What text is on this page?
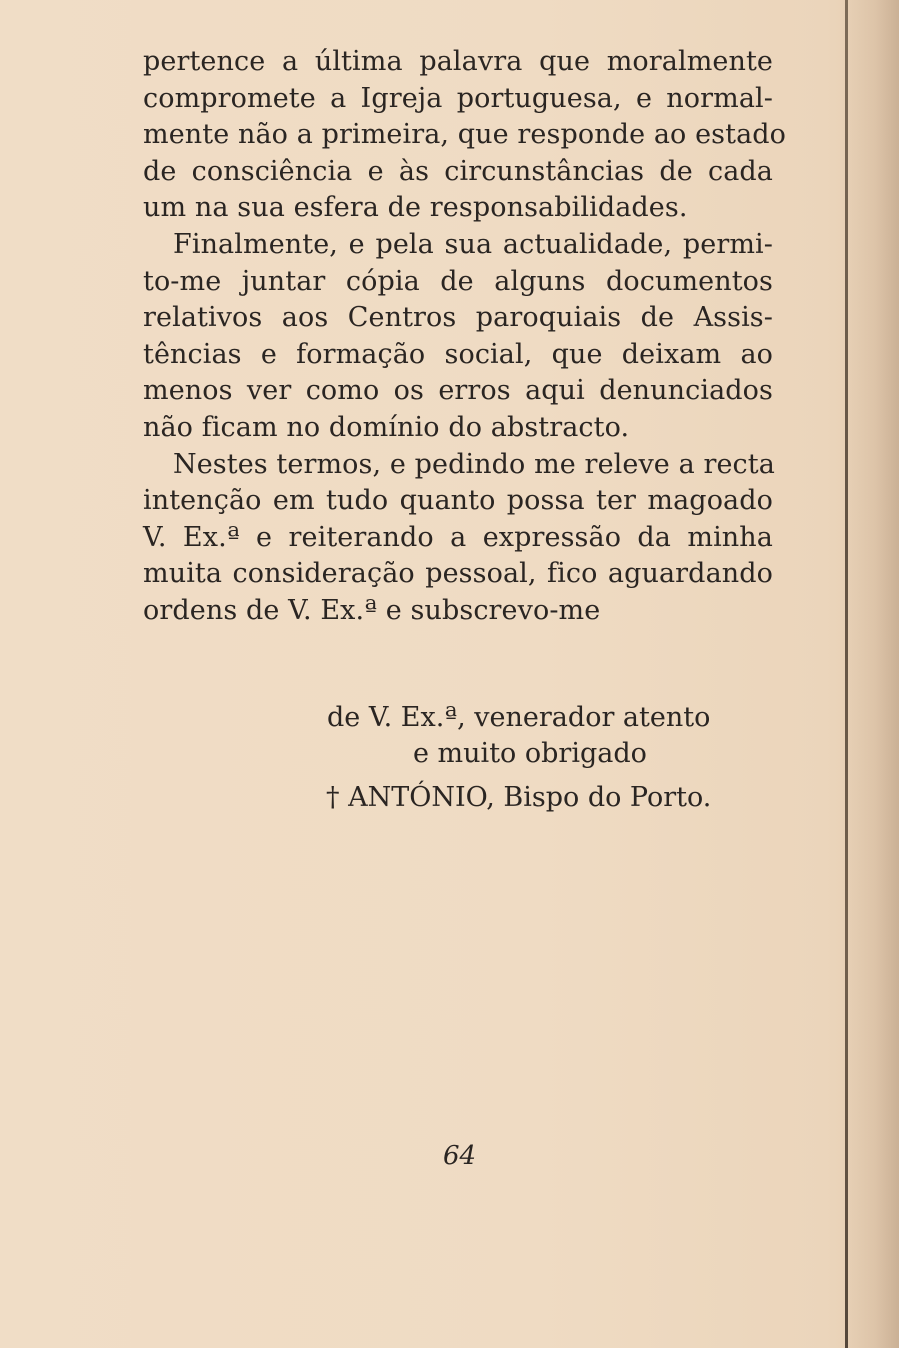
pertence a última palavra que moralmente
compromete a Igreja portuguesa, e normal-
mente não a primeira, que responde ao estado
de consciência e às circunstâncias de cada
um na sua esfera de responsabilidades.

Finalmente, e pela sua actualidade, permi-
to-me juntar cópia de alguns documentos
relativos aos Centros paroquiais de Assis-
tências e formação social, que deixam ao
menos ver como os erros aqui denunciados
não ficam no domínio do abstracto.

Nestes termos, e pedindo me releve a recta
intenção em tudo quanto possa ter magoado
V. Ex.ª e reiterando a expressão da minha
muita consideração pessoal, fico aguardando
ordens de V. Ex.ª e subscrevo-me

de V. Ex.ª, venerador atento
e muito obrigado
† ANTÓNIO, Bispo do Porto.
64
